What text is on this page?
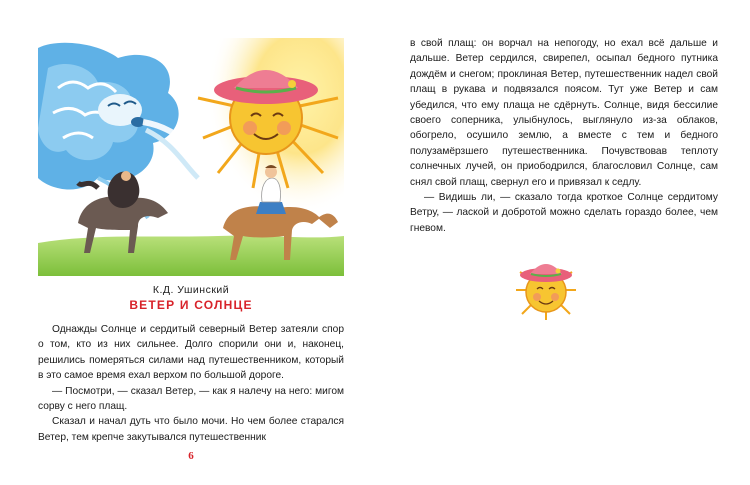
К.Д. Ушинский
ВЕТЕР И СОЛНЦЕ

Однажды Солнце и сердитый северный Ветер затеяли спор о том, кто из них сильнее. Долго спорили они и, наконец, решились померяться силами над путешественником, который в это самое время ехал верхом по большой дороге.

— Посмотри, — сказал Ветер, — как я налечу на него: мигом сорву с него плащ.

Сказал и начал дуть что было мочи. Но чем более старался Ветер, тем крепче закутывался путешественник

6

в свой плащ: он ворчал на непогоду, но ехал всё дальше и дальше. Ветер сердился, свирепел, осыпал бедного путника дождём и снегом; проклиная Ветер, путешественник надел свой плащ в рукава и подвязался поясом. Тут уже Ветер и сам убедился, что ему плаща не сдёрнуть. Солнце, видя бессилие своего соперника, улыбнулось, выглянуло из-за облаков, обогрело, осушило землю, а вместе с тем и бедного полузамёрзшего путешественника. Почувствовав теплоту солнечных лучей, он приободрился, благословил Солнце, сам снял свой плащ, свернул его и привязал к седлу.

— Видишь ли, — сказало тогда кроткое Солнце сердитому Ветру, — лаской и добротой можно сделать гораздо более, чем гневом.
